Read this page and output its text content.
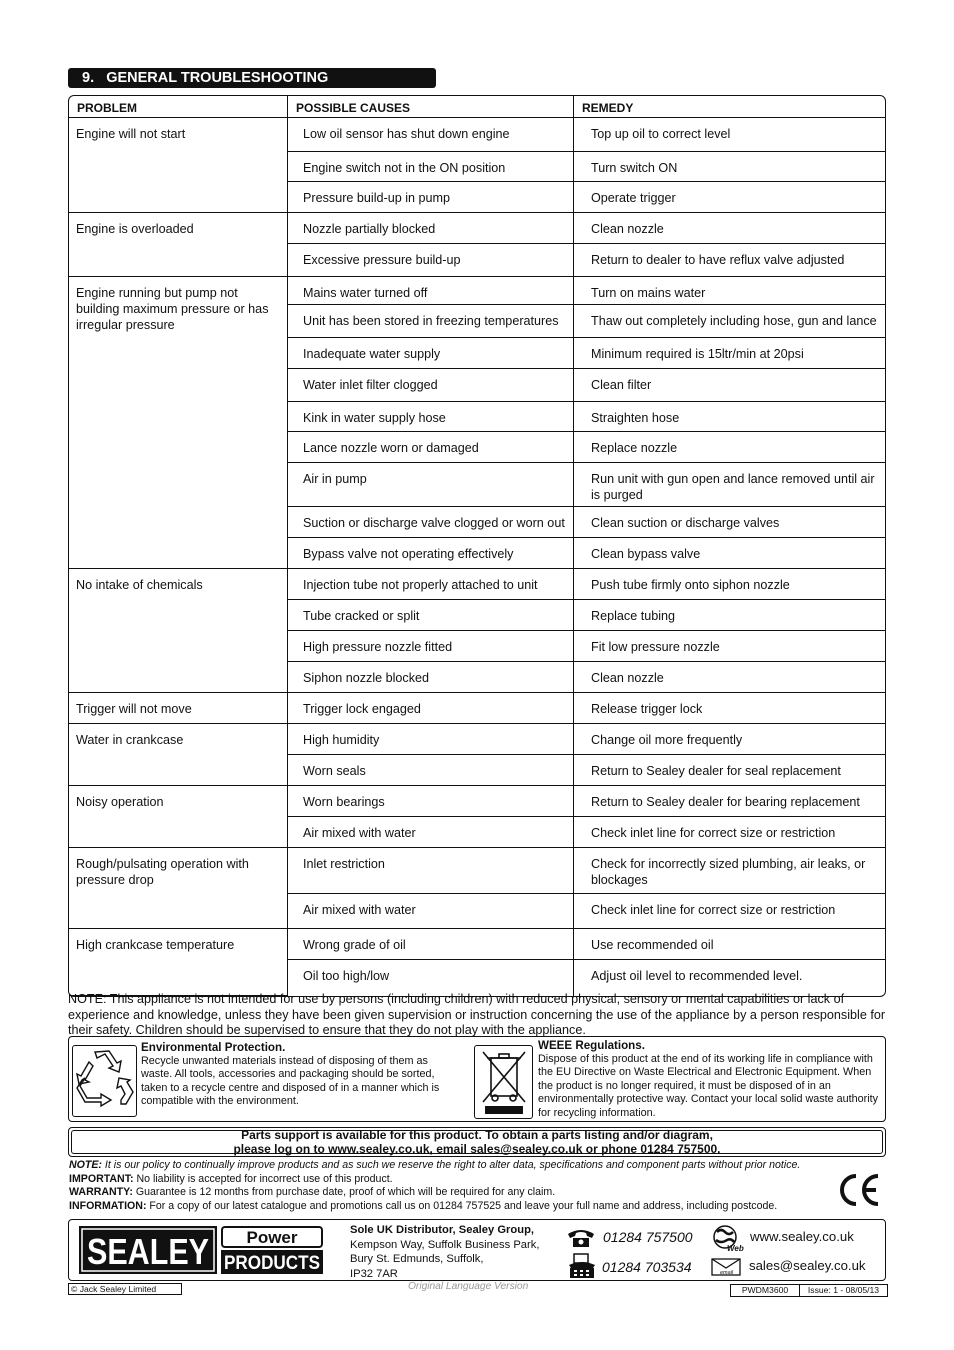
9. GENERAL TROUBLESHOOTING
PROBLEM	POSSIBLE CAUSES	REMEDY
Engine will not start	Low oil sensor has shut down engine	Top up oil to correct level
	Engine switch not in the ON position	Turn switch ON
	Pressure build-up in pump	Operate trigger
Engine is overloaded	Nozzle partially blocked	Clean nozzle
	Excessive pressure build-up	Return to dealer to have reflux valve adjusted
Engine running but pump not building maximum pressure or has irregular pressure	Mains water turned off	Turn on mains water
	Unit has been stored in freezing temperatures	Thaw out completely including hose, gun and lance
	Inadequate water supply	Minimum required is 15ltr/min at 20psi
	Water inlet filter clogged	Clean filter
	Kink in water supply hose	Straighten hose
	Lance nozzle worn or damaged	Replace nozzle
	Air in pump	Run unit with gun open and lance removed until air is purged
	Suction or discharge valve clogged or worn out	Clean suction or discharge valves
	Bypass valve not operating effectively	Clean bypass valve
No intake of chemicals	Injection tube not properly attached to unit	Push tube firmly onto siphon nozzle
	Tube cracked or split	Replace tubing
	High pressure nozzle fitted	Fit low pressure nozzle
	Siphon nozzle blocked	Clean nozzle
Trigger will not move	Trigger lock engaged	Release trigger lock
Water in crankcase	High humidity	Change oil more frequently
	Worn seals	Return to Sealey dealer for seal replacement
Noisy operation	Worn bearings	Return to Sealey dealer for bearing replacement
	Air mixed with water	Check inlet line for correct size or restriction
Rough/pulsating operation with pressure drop	Inlet restriction	Check for incorrectly sized plumbing, air leaks, or blockages
	Air mixed with water	Check inlet line for correct size or restriction
High crankcase temperature	Wrong grade of oil	Use recommended oil
	Oil too high/low	Adjust oil level to recommended level.
NOTE: This appliance is not intended for use by persons (including children) with reduced physical, sensory or mental capabilities or lack of experience and knowledge, unless they have been given supervision or instruction concerning the use of the appliance by a person responsible for their safety. Children should be supervised to ensure that they do not play with the appliance.
Environmental Protection.
Recycle unwanted materials instead of disposing of them as waste. All tools, accessories and packaging should be sorted, taken to a recycle centre and disposed of in a manner which is compatible with the environment.
WEEE Regulations.
Dispose of this product at the end of its working life in compliance with the EU Directive on Waste Electrical and Electronic Equipment. When the product is no longer required, it must be disposed of in an environmentally protective way. Contact your local solid waste authority for recycling information.
Parts support is available for this product. To obtain a parts listing and/or diagram,
please log on to www.sealey.co.uk, email sales@sealey.co.uk or phone 01284 757500.
NOTE: It is our policy to continually improve products and as such we reserve the right to alter data, specifications and component parts without prior notice.
IMPORTANT: No liability is accepted for incorrect use of this product.
WARRANTY: Guarantee is 12 months from purchase date, proof of which will be required for any claim.
INFORMATION: For a copy of our latest catalogue and promotions call us on 01284 757525 and leave your full name and address, including postcode.
SEALEY Power
PRODUCTS
Sole UK Distributor, Sealey Group,
Kempson Way, Suffolk Business Park,
Bury St. Edmunds, Suffolk,
IP32 7AR
01284 757500
01284 703534
Web
www.sealey.co.uk
email sales@sealey.co.uk
© Jack Sealey Limited	Original Language Version	PWDM3600	Issue: 1 - 08/05/13
